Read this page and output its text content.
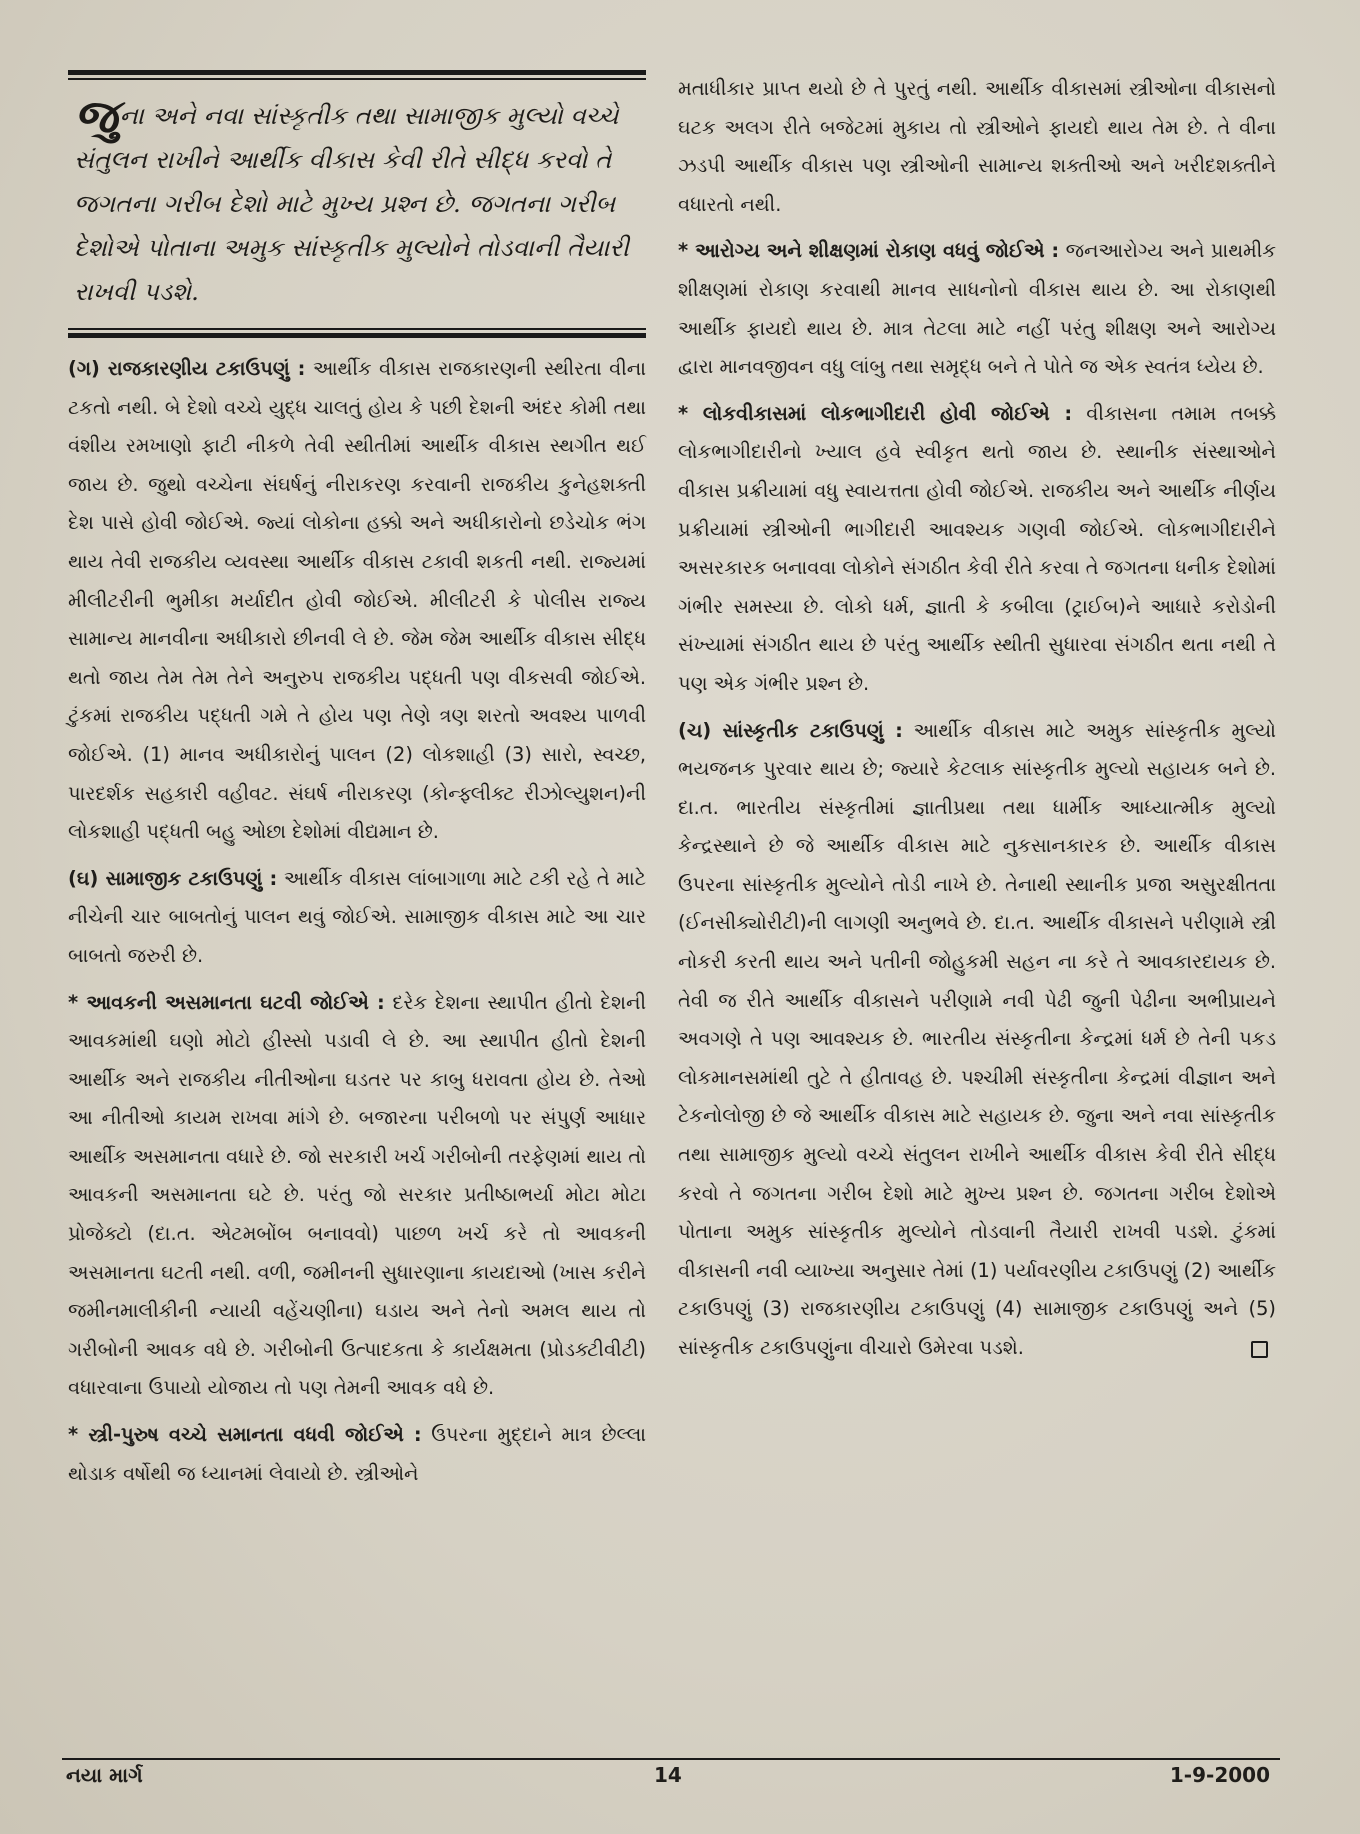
જુના અને નવા સાંસ્કૃતીક તથા સામાજીક મુલ્યો વચ્ચે સંતુલન રાખીને આર્થીક વીકાસ કેવી રીતે સીદ્ધ કરવો તે જગતના ગરીબ દેશો માટે મુખ્ય પ્રશ્ન છે. જગતના ગરીબ દેશોએ પોતાના અમુક સાંસ્કૃતીક મુલ્યોને તોડવાની તૈયારી રાખવી પડશે.

(ગ) રાજકારણીય ટકાઉપણું : આર્થીક વીકાસ રાજકારણની સ્થીરતા વીના ટકતો નથી. બે દેશો વચ્ચે યુદ્ધ ચાલતું હોય કે પછી દેશની અંદર કોમી તથા વંશીય રમખાણો ફાટી નીકળે તેવી સ્થીતીમાં આર્થીક વીકાસ સ્થગીત થઈ જાય છે. જુથો વચ્ચેના સંઘર્ષનું નીરાકરણ કરવાની રાજકીય કુનેહશક્તી દેશ પાસે હોવી જોઈએ. જ્યાં લોકોના હક્કો અને અધીકારોનો છડેચોક ભંગ થાય તેવી રાજકીય વ્યવસ્થા આર્થીક વીકાસ ટકાવી શકતી નથી. રાજ્યમાં મીલીટરીની ભુમીકા મર્યાદીત હોવી જોઈએ. મીલીટરી કે પોલીસ રાજ્ય સામાન્ય માનવીના અધીકારો છીનવી લે છે. જેમ જેમ આર્થીક વીકાસ સીદ્ધ થતો જાય તેમ તેમ તેને અનુરુપ રાજકીય પદ્ધતી પણ વીકસવી જોઈએ. ટુંકમાં રાજકીય પદ્ધતી ગમે તે હોય પણ તેણે ત્રણ શરતો અવશ્ય પાળવી જોઈએ. (1) માનવ અધીકારોનું પાલન (2) લોકશાહી (3) સારો, સ્વચ્છ, પારદર્શક સહકારી વહીવટ. સંઘર્ષ નીરાકરણ (કોન્ફ્લીક્ટ રીઝોલ્યુશન)ની લોકશાહી પદ્ધતી બહુ ઓછા દેશોમાં વીદ્યમાન છે.

(ઘ) સામાજીક ટકાઉપણું : આર્થીક વીકાસ લાંબાગાળા માટે ટકી રહે તે માટે નીચેની ચાર બાબતોનું પાલન થવું જોઈએ. સામાજીક વીકાસ માટે આ ચાર બાબતો જરુરી છે.

* આવકની અસમાનતા ઘટવી જોઈએ : દરેક દેશના સ્થાપીત હીતો દેશની આવકમાંથી ઘણો મોટો હીસ્સો પડાવી લે છે. આ સ્થાપીત હીતો દેશની આર્થીક અને રાજકીય નીતીઓના ઘડતર પર કાબુ ધરાવતા હોય છે. તેઓ આ નીતીઓ કાયમ રાખવા માંગે છે. બજારના પરીબળો પર સંપુર્ણ આધાર આર્થીક અસમાનતા વધારે છે. જો સરકારી ખર્ચ ગરીબોની તરફેણમાં થાય તો આવકની અસમાનતા ઘટે છે. પરંતુ જો સરકાર પ્રતીષ્ઠાભર્યા મોટા મોટા પ્રોજેક્ટો (દા.ત. એટમબોંબ બનાવવો) પાછળ ખર્ચ કરે તો આવકની અસમાનતા ઘટતી નથી. વળી, જમીનની સુધારણાના કાયદાઓ (ખાસ કરીને જમીનમાલીકીની ન્યાયી વહેંચણીના) ઘડાય અને તેનો અમલ થાય તો ગરીબોની આવક વધે છે. ગરીબોની ઉત્પાદકતા કે કાર્યક્ષમતા (પ્રોડક્ટીવીટી) વધારવાના ઉપાયો યોજાય તો પણ તેમની આવક વધે છે.

* સ્ત્રી-પુરુષ વચ્ચે સમાનતા વધવી જોઈએ : ઉપરના મુદ્દાને માત્ર છેલ્લા થોડાક વર્ષોથી જ ધ્યાનમાં લેવાયો છે. સ્ત્રીઓને

મતાધીકાર પ્રાપ્ત થયો છે તે પુરતું નથી. આર્થીક વીકાસમાં સ્ત્રીઓના વીકાસનો ઘટક અલગ રીતે બજેટમાં મુકાય તો સ્ત્રીઓને ફાયદો થાય તેમ છે. તે વીના ઝડપી આર્થીક વીકાસ પણ સ્ત્રીઓની સામાન્ય શક્તીઓ અને ખરીદશક્તીને વધારતો નથી.

* આરોગ્ય અને શીક્ષણમાં રોકાણ વધવું જોઈએ : જનઆરોગ્ય અને પ્રાથમીક શીક્ષણમાં રોકાણ કરવાથી માનવ સાધનોનો વીકાસ થાય છે. આ રોકાણથી આર્થીક ફાયદો થાય છે. માત્ર તેટલા માટે નહીં પરંતુ શીક્ષણ અને આરોગ્ય દ્વારા માનવજીવન વધુ લાંબુ તથા સમૃદ્ધ બને તે પોતે જ એક સ્વતંત્ર ધ્યેય છે.

* લોકવીકાસમાં લોકભાગીદારી હોવી જોઈએ : વીકાસના તમામ તબક્કે લોકભાગીદારીનો ખ્યાલ હવે સ્વીકૃત થતો જાય છે. સ્થાનીક સંસ્થાઓને વીકાસ પ્રક્રીયામાં વધુ સ્વાયત્તતા હોવી જોઈએ. રાજકીય અને આર્થીક નીર્ણય પ્રક્રીયામાં સ્ત્રીઓની ભાગીદારી આવશ્યક ગણવી જોઈએ. લોકભાગીદારીને અસરકારક બનાવવા લોકોને સંગઠીત કેવી રીતે કરવા તે જગતના ધનીક દેશોમાં ગંભીર સમસ્યા છે. લોકો ધર્મ, જ્ઞાતી કે કબીલા (ટ્રાઈબ)ને આધારે કરોડોની સંખ્યામાં સંગઠીત થાય છે પરંતુ આર્થીક સ્થીતી સુધારવા સંગઠીત થતા નથી તે પણ એક ગંભીર પ્રશ્ન છે.

(ચ) સાંસ્કૃતીક ટકાઉપણું : આર્થીક વીકાસ માટે અમુક સાંસ્કૃતીક મુલ્યો ભયજનક પુરવાર થાય છે; જ્યારે કેટલાક સાંસ્કૃતીક મુલ્યો સહાયક બને છે. દા.ત. ભારતીય સંસ્કૃતીમાં જ્ઞાતીપ્રથા તથા ધાર્મીક આધ્યાત્મીક મુલ્યો કેન્દ્રસ્થાને છે જે આર્થીક વીકાસ માટે નુકસાનકારક છે. આર્થીક વીકાસ ઉપરના સાંસ્કૃતીક મુલ્યોને તોડી નાખે છે. તેનાથી સ્થાનીક પ્રજા અસુરક્ષીતતા (ઈનસીક્યોરીટી)ની લાગણી અનુભવે છે. દા.ત. આર્થીક વીકાસને પરીણામે સ્ત્રી નોકરી કરતી થાય અને પતીની જોહુકમી સહન ના કરે તે આવકારદાયક છે. તેવી જ રીતે આર્થીક વીકાસને પરીણામે નવી પેઢી જુની પેઢીના અભીપ્રાયને અવગણે તે પણ આવશ્યક છે. ભારતીય સંસ્કૃતીના કેન્દ્રમાં ધર્મ છે તેની પકડ લોકમાનસમાંથી તુટે તે હીતાવહ છે. પશ્ચીમી સંસ્કૃતીના કેન્દ્રમાં વીજ્ઞાન અને ટેકનોલોજી છે જે આર્થીક વીકાસ માટે સહાયક છે. જુના અને નવા સાંસ્કૃતીક તથા સામાજીક મુલ્યો વચ્ચે સંતુલન રાખીને આર્થીક વીકાસ કેવી રીતે સીદ્ધ કરવો તે જગતના ગરીબ દેશો માટે મુખ્ય પ્રશ્ન છે. જગતના ગરીબ દેશોએ પોતાના અમુક સાંસ્કૃતીક મુલ્યોને તોડવાની તૈયારી રાખવી પડશે. ટુંકમાં વીકાસની નવી વ્યાખ્યા અનુસાર તેમાં (1) પર્યાવરણીય ટકાઉપણું (2) આર્થીક ટકાઉપણું (3) રાજકારણીય ટકાઉપણું (4) સામાજીક ટકાઉપણું અને (5) સાંસ્કૃતીક ટકાઉપણુંના વીચારો ઉમેરવા પડશે.

નયા માર્ગ	14	1-9-2000
